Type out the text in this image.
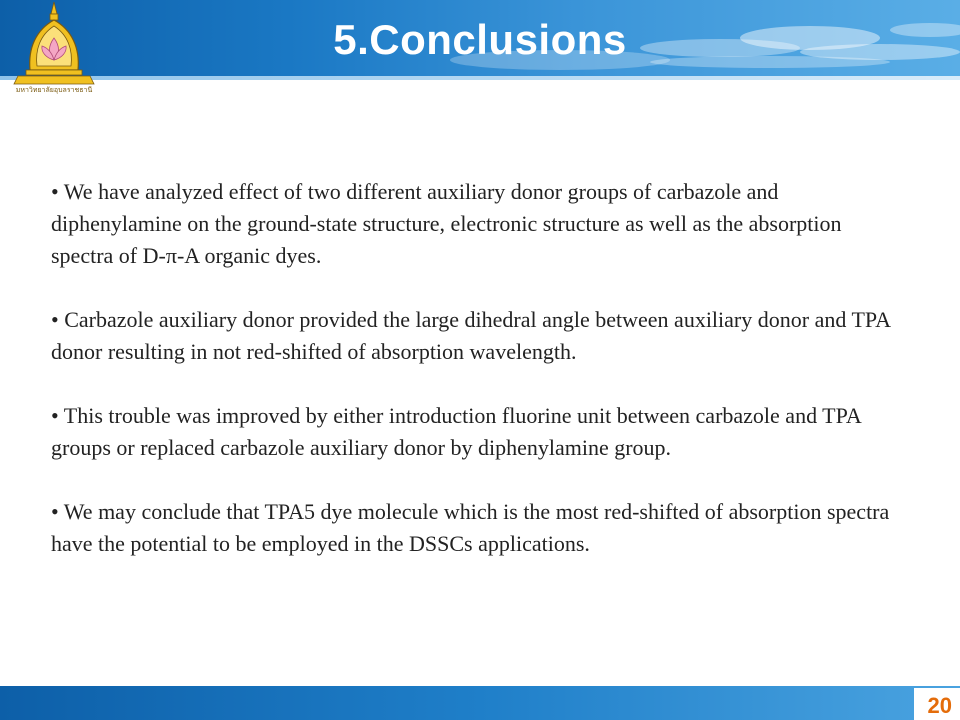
มหาวิทยาลัยอุบลราชธานี
5.Conclusions

• We have analyzed effect of two different auxiliary donor groups of carbazole and diphenylamine on the ground-state structure, electronic structure as well as the absorption spectra of D-π-A organic dyes.

• Carbazole auxiliary donor provided the large dihedral angle between auxiliary donor and TPA donor resulting in not red-shifted of absorption wavelength.

• This trouble was improved by either introduction fluorine unit between carbazole and TPA groups or replaced carbazole auxiliary donor by diphenylamine group.

• We may conclude that TPA5 dye molecule which is the most red-shifted of absorption spectra have the potential to be employed in the DSSCs applications.

20
